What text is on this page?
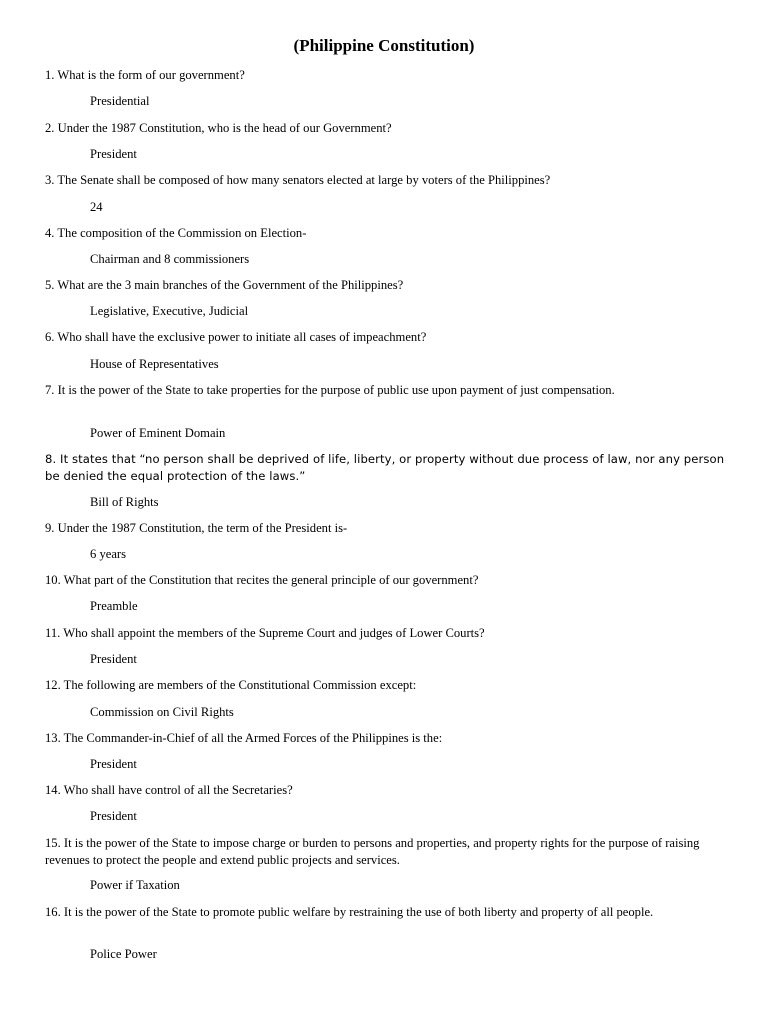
(Philippine Constitution)

1. What is the form of our government?

Presidential

2. Under the 1987 Constitution, who is the head of our Government?

President

3. The Senate shall be composed of how many senators elected at large by voters of the Philippines?

24

4. The composition of the Commission on Election-

Chairman and 8 commissioners

5. What are the 3 main branches of the Government of the Philippines?

Legislative, Executive, Judicial

6. Who shall have the exclusive power to initiate all cases of impeachment?

House of Representatives

7. It is the power of the State to take properties for the purpose of public use upon payment of just compensation.

Power of Eminent Domain

8. It states that “no person shall be deprived of life, liberty, or property without due process of law, nor any person be denied the equal protection of the laws.”

Bill of Rights

9. Under the 1987 Constitution, the term of the President is-

6 years

10. What part of the Constitution that recites the general principle of our government?

Preamble

11. Who shall appoint the members of the Supreme Court and judges of Lower Courts?

President

12. The following are members of the Constitutional Commission except:

Commission on Civil Rights

13. The Commander-in-Chief of all the Armed Forces of the Philippines is the:

President

14. Who shall have control of all the Secretaries?

President

15. It is the power of the State to impose charge or burden to persons and properties, and property rights for the purpose of raising revenues to protect the people and extend public projects and services.

Power if Taxation

16. It is the power of the State to promote public welfare by restraining the use of both liberty and property of all people.

Police Power
